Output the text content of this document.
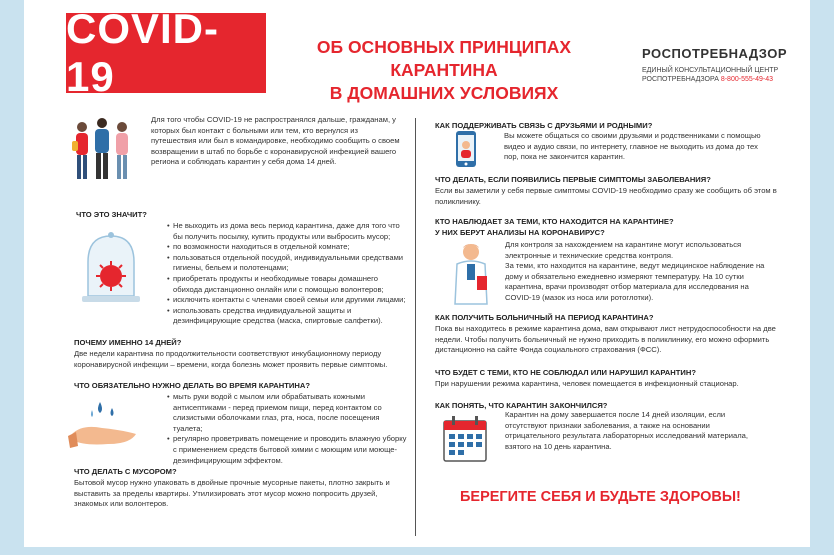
COVID-19
ОБ ОСНОВНЫХ ПРИНЦИПАХ КАРАНТИНА
В ДОМАШНИХ УСЛОВИЯХ
РОСПОТРЕБНАДЗОР
ЕДИНЫЙ КОНСУЛЬТАЦИОННЫЙ ЦЕНТР
РОСПОТРЕБНАДЗОРА 8-800-555-49-43
Для того чтобы COVID-19 не распространялся дальше, гражданам, у которых был контакт с больными или тем, кто вернулся из путешествия или был в командировке, необходимо сообщить о своем возвращении в штаб по борьбе с коронавирусной инфекцией вашего региона и соблюдать карантин у себя дома 14 дней.
ЧТО ЭТО ЗНАЧИТ?
• Не выходить из дома весь период карантина, даже для того что бы получить посылку, купить продукты или выбросить мусор;
• по возможности находиться в отдельной комнате;
• пользоваться отдельной посудой, индивидуальными средствами гигиены, бельем и полотенцами;
• приобретать продукты и необходимые товары домашнего обихода дистанционно онлайн или с помощью волонтеров;
• исключить контакты с членами своей семьи или другими лицами;
• использовать средства индивидуальной защиты и дезинфицирующие средства (маска, спиртовые салфетки).
ПОЧЕМУ ИМЕННО 14 ДНЕЙ?
Две недели карантина по продолжительности соответствуют инкубационному периоду коронавирусной инфекции – времени, когда болезнь может проявить первые симптомы.
ЧТО ОБЯЗАТЕЛЬНО НУЖНО ДЕЛАТЬ ВО ВРЕМЯ КАРАНТИНА?
• мыть руки водой с мылом или обрабатывать кожными антисептиками - перед приемом пищи, перед контактом со слизистыми оболочками глаз, рта, носа, после посещения туалета;
• регулярно проветривать помещение и проводить влажную уборку с применением средств бытовой химии с моющим или моюще-дезинфицирующим эффектом.
ЧТО ДЕЛАТЬ С МУСОРОМ?
Бытовой мусор нужно упаковать в двойные прочные мусорные пакеты, плотно закрыть и выставить за пределы квартиры. Утилизировать этот мусор можно попросить друзей, знакомых или волонтеров.
КАК ПОДДЕРЖИВАТЬ СВЯЗЬ С ДРУЗЬЯМИ И РОДНЫМИ?
Вы можете общаться со своими друзьями и родственниками с помощью видео и аудио связи, по интернету, главное не выходить из дома до тех пор, пока не закончится карантин.
ЧТО ДЕЛАТЬ, ЕСЛИ ПОЯВИЛИСЬ ПЕРВЫЕ СИМПТОМЫ ЗАБОЛЕВАНИЯ?
Если вы заметили у себя первые симптомы COVID-19 необходимо сразу же сообщить об этом в поликлинику.
КТО НАБЛЮДАЕТ ЗА ТЕМИ, КТО НАХОДИТСЯ НА КАРАНТИНЕ?
У НИХ БЕРУТ АНАЛИЗЫ НА КОРОНАВИРУС?
Для контроля за нахождением на карантине могут использоваться электронные и технические средства контроля.
За теми, кто находится на карантине, ведут медицинское наблюдение на дому и обязательно ежедневно измеряют температуру. На 10 сутки карантина, врачи производят отбор материала для исследования на COVID-19 (мазок из носа или ротоглотки).
КАК ПОЛУЧИТЬ БОЛЬНИЧНЫЙ НА ПЕРИОД КАРАНТИНА?
Пока вы находитесь в режиме карантина дома, вам открывают лист нетрудоспособности на две недели. Чтобы получить больничный не нужно приходить в поликлинику, его можно оформить дистанционно на сайте Фонда социального страхования (ФСС).
ЧТО БУДЕТ С ТЕМИ, КТО НЕ СОБЛЮДАЛ ИЛИ НАРУШИЛ КАРАНТИН?
При нарушении режима карантина, человек помещается в инфекционный стационар.
КАК ПОНЯТЬ, ЧТО КАРАНТИН ЗАКОНЧИЛСЯ?
Карантин на дому завершается после 14 дней изоляции, если отсутствуют признаки заболевания, а также на основании отрицательного результата лабораторных исследований материала, взятого на 10 день карантина.
БЕРЕГИТЕ СЕБЯ И БУДЬТЕ ЗДОРОВЫ!
